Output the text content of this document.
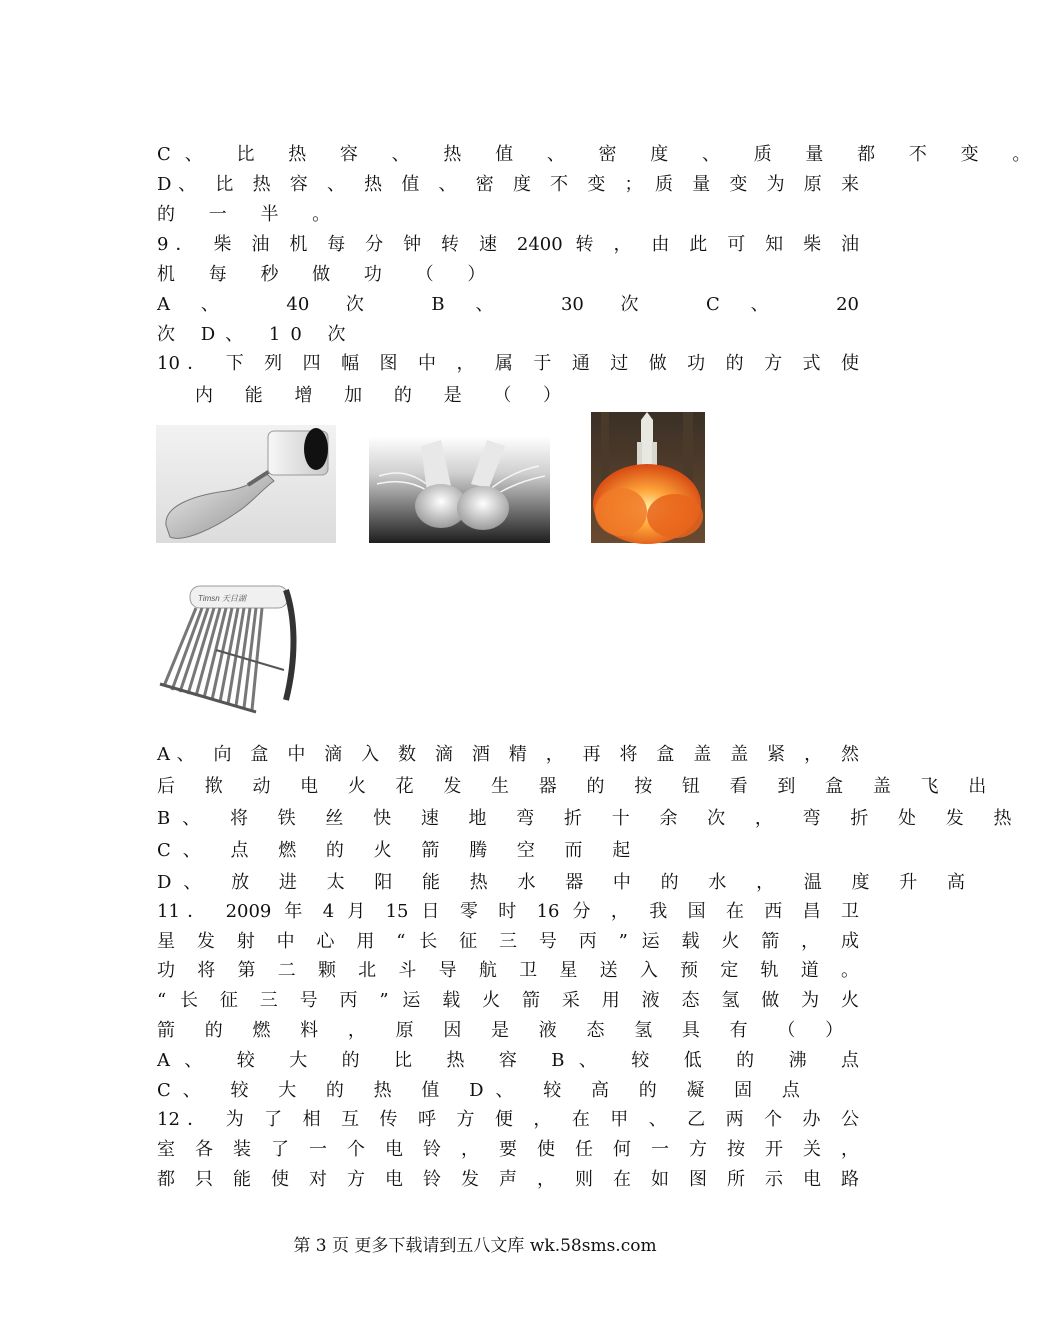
C、 比 热 容 、 热 值 、 密 度 、 质 量 都 不 变 。
D、 比 热 容 、 热 值 、 密 度 不 变 ； 质 量 变 为 原 来
的 一 半 。
9． 柴 油 机 每 分 钟 转 速 2400 转 ， 由 此 可 知 柴 油
机 每 秒 做 功 （ ）
A、 40 次 B、 30 次 C、 20
次 D、 10 次
10． 下 列 四 幅 图 中 ， 属 于 通 过 做 功 的 方 式 使
内 能 增 加 的 是 （ ）
Timsn 天目湖
A、 向 盒 中 滴 入 数 滴 酒 精 ， 再 将 盒 盖 盖 紧 ， 然
后 揿 动 电 火 花 发 生 器 的 按 钮 看 到 盒 盖 飞 出
B、 将 铁 丝 快 速 地 弯 折 十 余 次 ， 弯 折 处 发 热
C、 点 燃 的 火 箭 腾 空 而 起
D、 放 进 太 阳 能 热 水 器 中 的 水 ， 温 度 升 高
11． 2009 年 4 月 15 日 零 时 16 分 ， 我 国 在 西 昌 卫
星 发 射 中 心 用 “ 长 征 三 号 丙 ” 运 载 火 箭 ， 成
功 将 第 二 颗 北 斗 导 航 卫 星 送 入 预 定 轨 道 。
“ 长 征 三 号 丙 ” 运 载 火 箭 采 用 液 态 氢 做 为 火
箭 的 燃 料 ， 原 因 是 液 态 氢 具 有 （ ）
A、 较 大 的 比 热 容 B、 较 低 的 沸 点
C、 较 大 的 热 值 D、 较 高 的 凝 固 点
12． 为 了 相 互 传 呼 方 便 ， 在 甲 、 乙 两 个 办 公
室 各 装 了 一 个 电 铃 ， 要 使 任 何 一 方 按 开 关 ，
都 只 能 使 对 方 电 铃 发 声 ， 则 在 如 图 所 示 电 路
第 3 页 更多下载请到五八文库 wk.58sms.com
